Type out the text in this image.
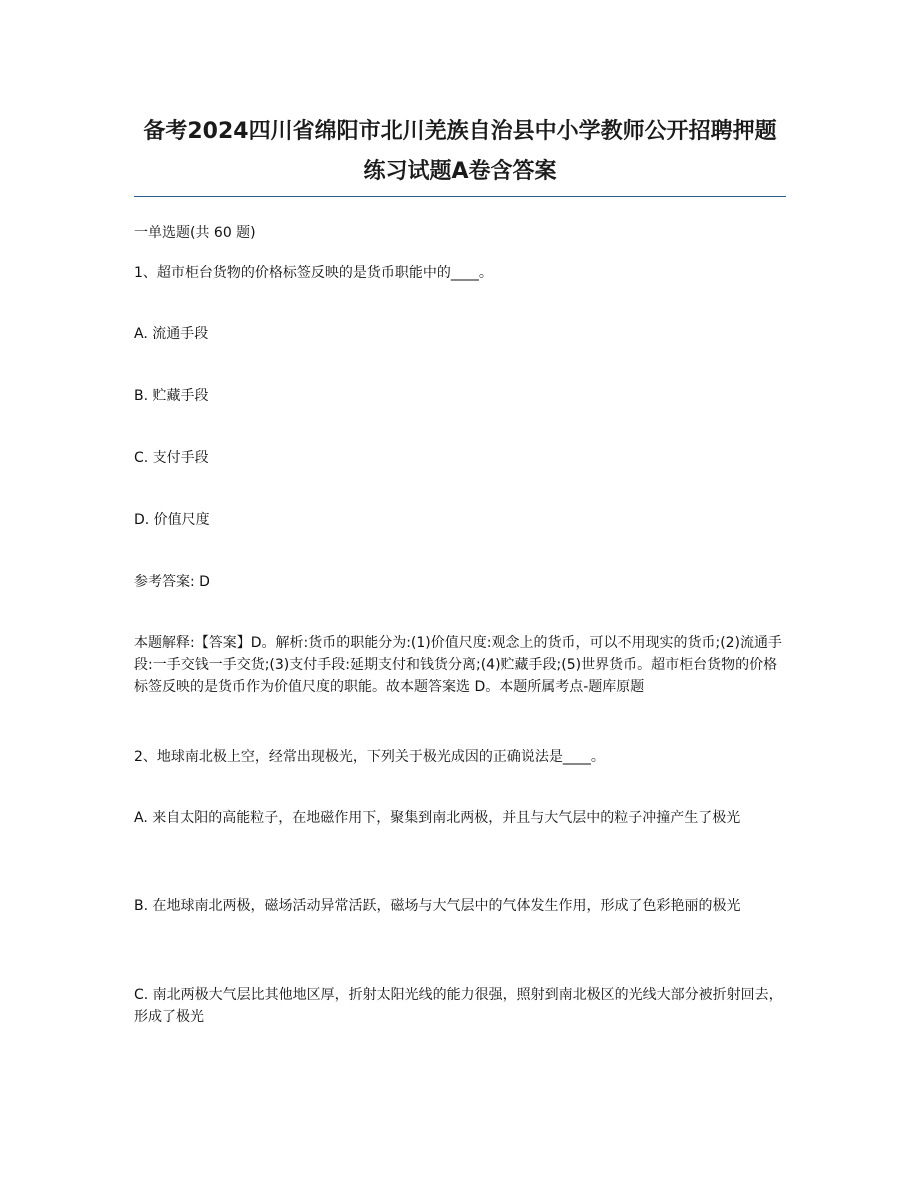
备考2024四川省绵阳市北川羌族自治县中小学教师公开招聘押题练习试题A卷含答案

一单选题(共 60 题)

1、超市柜台货物的价格标签反映的是货币职能中的____。

A. 流通手段

B. 贮藏手段

C. 支付手段

D. 价值尺度

参考答案: D

本题解释:【答案】D。解析:货币的职能分为:(1)价值尺度:观念上的货币，可以不用现实的货币;(2)流通手段:一手交钱一手交货;(3)支付手段:延期支付和钱货分离;(4)贮藏手段;(5)世界货币。超市柜台货物的价格标签反映的是货币作为价值尺度的职能。故本题答案选 D。本题所属考点-题库原题

2、地球南北极上空，经常出现极光，下列关于极光成因的正确说法是____。

A. 来自太阳的高能粒子，在地磁作用下，聚集到南北两极，并且与大气层中的粒子冲撞产生了极光

B. 在地球南北两极，磁场活动异常活跃，磁场与大气层中的气体发生作用，形成了色彩艳丽的极光

C. 南北两极大气层比其他地区厚，折射太阳光线的能力很强，照射到南北极区的光线大部分被折射回去，形成了极光
